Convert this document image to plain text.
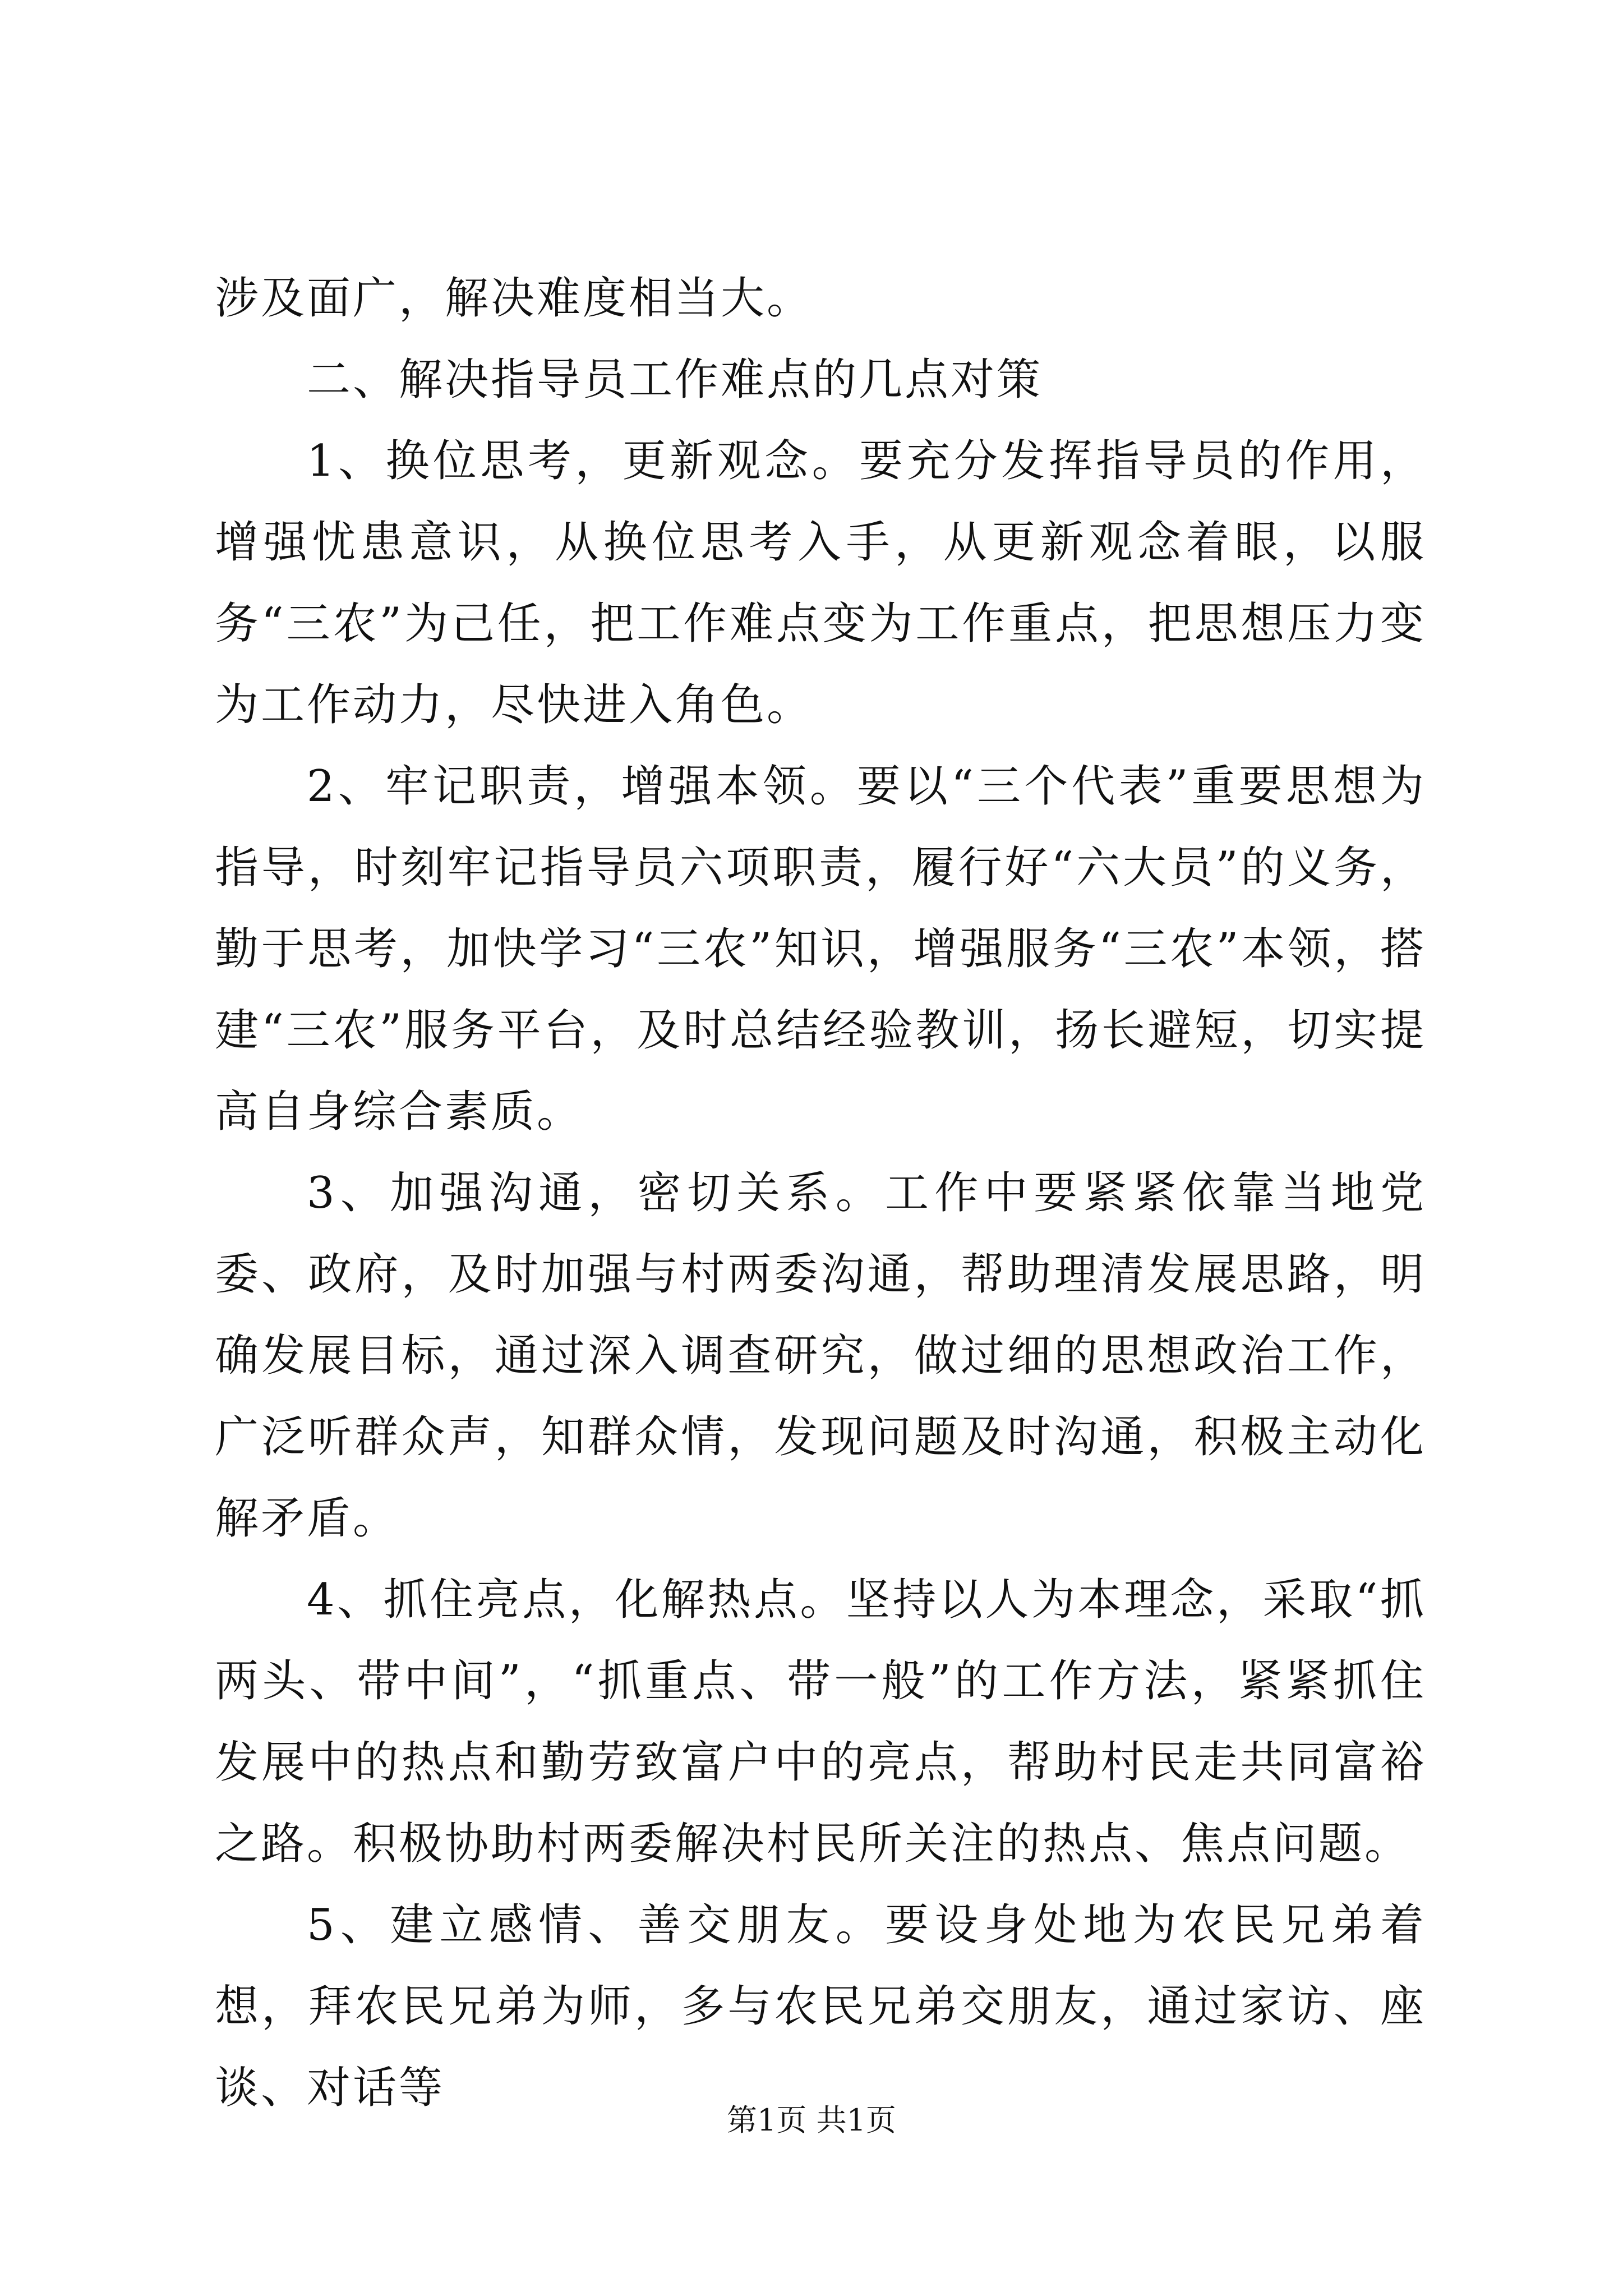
涉及面广，解决难度相当大。

二、解决指导员工作难点的几点对策

1、换位思考，更新观念。要充分发挥指导员的作用，增强忧患意识，从换位思考入手，从更新观念着眼，以服务“三农”为己任，把工作难点变为工作重点，把思想压力变为工作动力，尽快进入角色。

2、牢记职责，增强本领。要以“三个代表”重要思想为指导，时刻牢记指导员六项职责，履行好“六大员”的义务，勤于思考，加快学习“三农”知识，增强服务“三农”本领，搭建“三农”服务平台，及时总结经验教训，扬长避短，切实提高自身综合素质。

3、加强沟通，密切关系。工作中要紧紧依靠当地党委、政府，及时加强与村两委沟通，帮助理清发展思路，明确发展目标，通过深入调查研究，做过细的思想政治工作，广泛听群众声，知群众情，发现问题及时沟通，积极主动化解矛盾。

4、抓住亮点，化解热点。坚持以人为本理念，采取“抓两头、带中间”，“抓重点、带一般”的工作方法，紧紧抓住发展中的热点和勤劳致富户中的亮点，帮助村民走共同富裕之路。积极协助村两委解决村民所关注的热点、焦点问题。

5、建立感情、善交朋友。要设身处地为农民兄弟着想，拜农民兄弟为师，多与农民兄弟交朋友，通过家访、座谈、对话等

第1页 共1页
